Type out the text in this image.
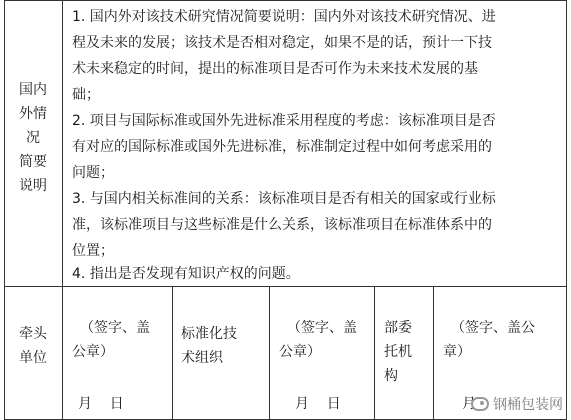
国内
外情
况
简要
说明
1. 国内外对该技术研究情况简要说明：国内外对该技术研究情况、进
程及未来的发展；该技术是否相对稳定，如果不是的话，预计一下技
术未来稳定的时间，提出的标准项目是否可作为未来技术发展的基
础；
2. 项目与国际标准或国外先进标准采用程度的考虑：该标准项目是否
有对应的国际标准或国外先进标准，标准制定过程中如何考虑采用的
问题；
3. 与国内相关标准间的关系：该标准项目是否有相关的国家或行业标
准，该标准项目与这些标准是什么关系，该标准项目在标准体系中的
位置；
4. 指出是否发现有知识产权的问题。
牵头
单位
（签字、盖
公章）
月    日
标准化技
术组织
（签字、盖
公章）
月    日
部委
托机
构
（签字、盖公
章）
月 钢桶包装网
